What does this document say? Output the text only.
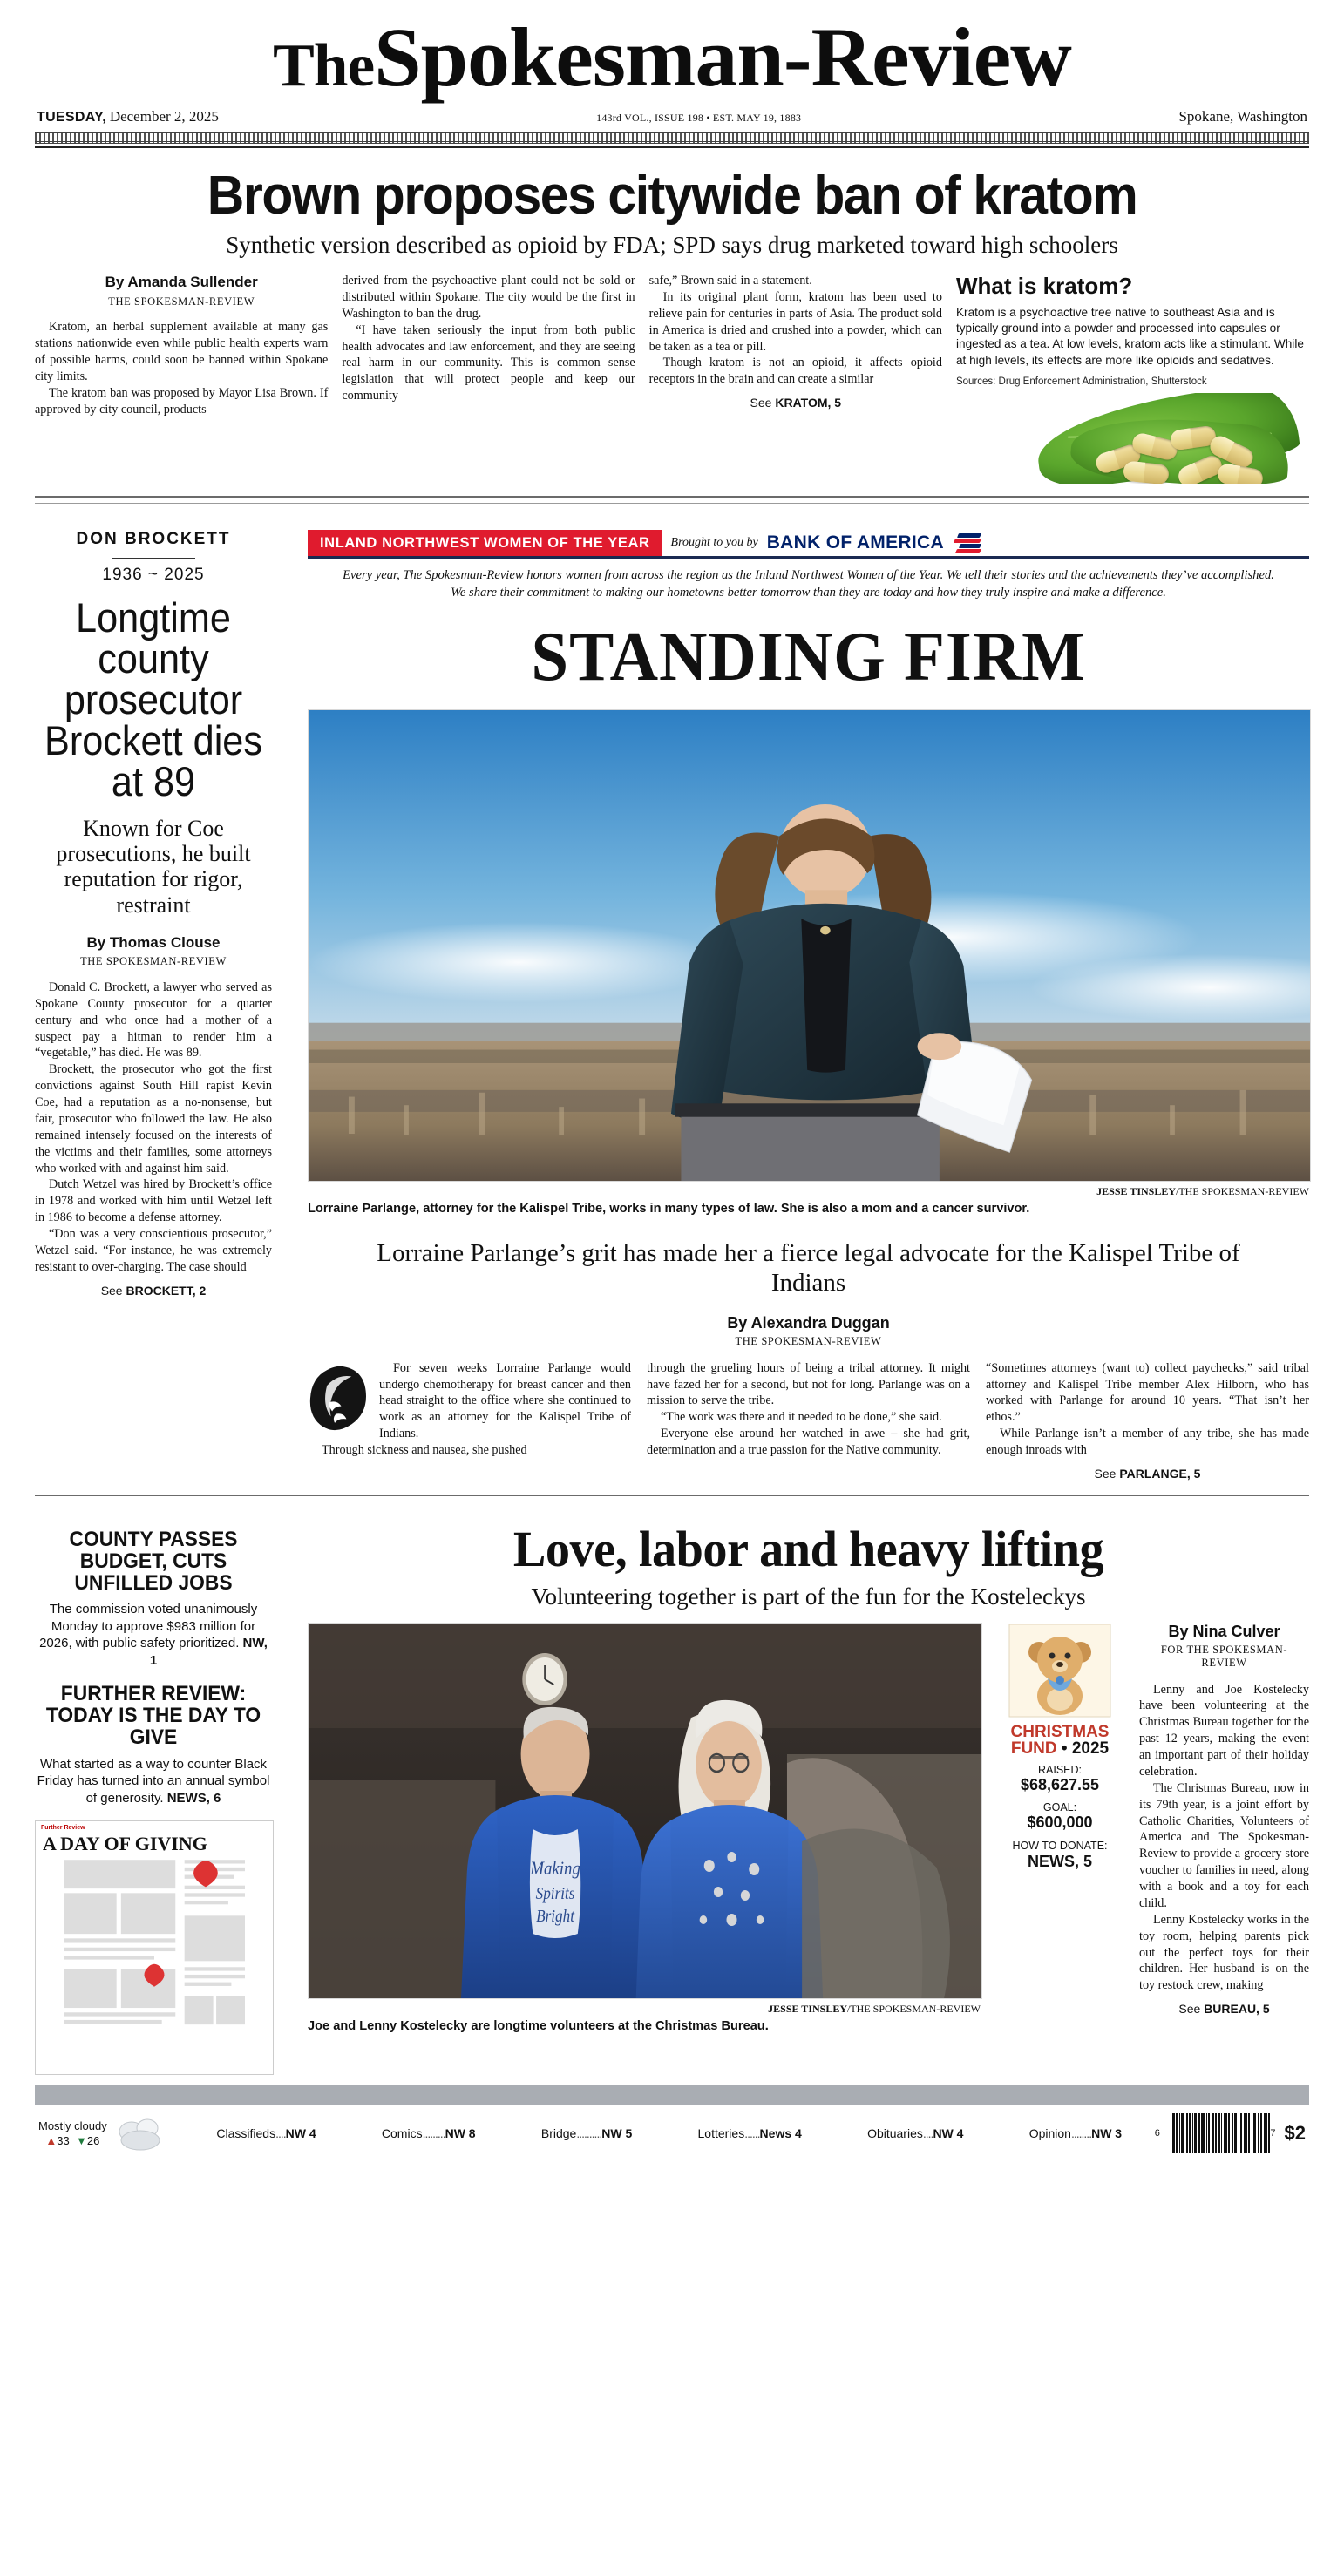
TheSpokesman-Review
TUESDAY, December 2, 2025	143rd VOL., ISSUE 198 • EST. MAY 19, 1883	Spokane, Washington
Brown proposes citywide ban of kratom
Synthetic version described as opioid by FDA; SPD says drug marketed toward high schoolers
By Amanda Sullender
THE SPOKESMAN-REVIEW

Kratom, an herbal supplement available at many gas stations nationwide even while public health experts warn of possible harms, could soon be banned within Spokane city limits.

The kratom ban was proposed by Mayor Lisa Brown. If approved by city council, products

derived from the psychoactive plant could not be sold or distributed within Spokane. The city would be the first in Washington to ban the drug.

“I have taken seriously the input from both public health advocates and law enforcement, and they are seeing real harm in our community. This is common sense legislation that will protect people and keep our community

safe,” Brown said in a statement.

In its original plant form, kratom has been used to relieve pain for centuries in parts of Asia. The product sold in America is dried and crushed into a powder, which can be taken as a tea or pill.

Though kratom is not an opioid, it affects opioid receptors in the brain and can create a similar

See KRATOM, 5
What is kratom?

Kratom is a psychoactive tree native to southeast Asia and is typically ground into a powder and processed into capsules or ingested as a tea. At low levels, kratom acts like a stimulant. While at high levels, its effects are more like opioids and sedatives.

Sources: Drug Enforcement Administration, Shutterstock
DON BROCKETT
1936 ~ 2025
Longtime county prosecutor Brockett dies at 89
Known for Coe prosecutions, he built reputation for rigor, restraint
By Thomas Clouse
THE SPOKESMAN-REVIEW

Donald C. Brockett, a lawyer who served as Spokane County prosecutor for a quarter century and who once had a mother of a suspect pay a hitman to render him a “vegetable,” has died. He was 89.

Brockett, the prosecutor who got the first convictions against South Hill rapist Kevin Coe, had a reputation as a no-nonsense, but fair, prosecutor who followed the law. He also remained intensely focused on the interests of the victims and their families, some attorneys who worked with and against him said.

Dutch Wetzel was hired by Brockett’s office in 1978 and worked with him until Wetzel left in 1986 to become a defense attorney.

“Don was a very conscientious prosecutor,” Wetzel said. “For instance, he was extremely resistant to over-charging. The case should

See BROCKETT, 2
INLAND NORTHWEST WOMEN OF THE YEAR	Brought to you by BANK OF AMERICA
Every year, The Spokesman-Review honors women from across the region as the Inland Northwest Women of the Year. We tell their stories and the achievements they’ve accomplished. We share their commitment to making our hometowns better tomorrow than they are today and how they truly inspire and make a difference.
STANDING FIRM
JESSE TINSLEY/THE SPOKESMAN-REVIEW
Lorraine Parlange, attorney for the Kalispel Tribe, works in many types of law. She is also a mom and a cancer survivor.
Lorraine Parlange’s grit has made her a fierce legal advocate for the Kalispel Tribe of Indians
By Alexandra Duggan
THE SPOKESMAN-REVIEW

For seven weeks Lorraine Parlange would undergo chemotherapy for breast cancer and then head straight to the office where she continued to work as an attorney for the Kalispel Tribe of Indians.

Through sickness and nausea, she pushed

through the grueling hours of being a tribal attorney. It might have fazed her for a second, but not for long. Parlange was on a mission to serve the tribe.

“The work was there and it needed to be done,” she said.

Everyone else around her watched in awe – she had grit, determination and a true passion for the Native community.

“Sometimes attorneys (want to) collect paychecks,” said tribal attorney and Kalispel Tribe member Alex Hilborn, who has worked with Parlange for around 10 years. “That isn’t her ethos.”

While Parlange isn’t a member of any tribe, she has made enough inroads with

See PARLANGE, 5
COUNTY PASSES BUDGET, CUTS UNFILLED JOBS
The commission voted unanimously Monday to approve $983 million for 2026, with public safety prioritized. NW, 1
FURTHER REVIEW: TODAY IS THE DAY TO GIVE
What started as a way to counter Black Friday has turned into an annual symbol of generosity. NEWS, 6
Further Review
A DAY OF GIVING
Love, labor and heavy lifting
Volunteering together is part of the fun for the Kosteleckys
Making
Spirits
Bright
JESSE TINSLEY/THE SPOKESMAN-REVIEW
Joe and Lenny Kostelecky are longtime volunteers at the Christmas Bureau.
CHRISTMAS
FUND • 2025
RAISED:
$68,627.55
GOAL:
$600,000
HOW TO DONATE:
NEWS, 5
By Nina Culver
FOR THE SPOKESMAN-REVIEW

Lenny and Joe Kostelecky have been volunteering at the Christmas Bureau together for the past 12 years, making the event an important part of their holiday celebration.

The Christmas Bureau, now in its 79th year, is a joint effort by Catholic Charities, Volunteers of America and The Spokesman-Review to provide a grocery store voucher to families in need, along with a book and a toy for each child.

Lenny Kostelecky works in the toy room, helping parents pick out the perfect toys for their children. Her husband is on the toy restock crew, making

See BUREAU, 5
Mostly cloudy
▲33 ▼26
Classifieds....NW 4	Comics.........NW 8	Bridge..........NW 5	Lotteries......News 4	Obituaries....NW 4	Opinion........NW 3	6	7 $2
